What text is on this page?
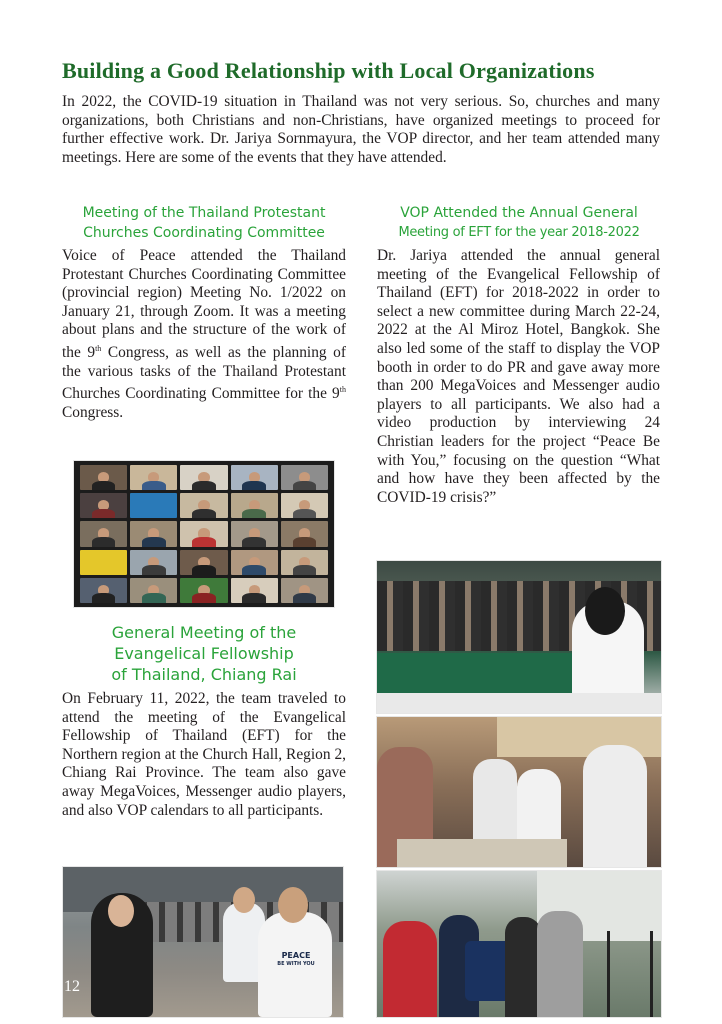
Building a Good Relationship with Local Organizations
In 2022, the COVID-19 situation in Thailand was not very serious. So, churches and many organizations, both Christians and non-Christians, have organized meetings to proceed for further effective work. Dr. Jariya Sornmayura, the VOP director, and her team attended many meetings. Here are some of the events that they have attended.
Meeting of the Thailand Protestant
Churches Coordinating Committee
Voice of Peace attended the Thailand Protestant Churches Coordinating Committee (provincial region) Meeting No. 1/2022 on January 21, through Zoom. It was a meeting about plans and the structure of the work of the 9th Congress, as well as the planning of the various tasks of the Thailand Protestant Churches Coordinating Committee for the 9th Congress.
General Meeting of the
Evangelical Fellowship
of Thailand, Chiang Rai
On February 11, 2022, the team traveled to attend the meeting of the Evangelical Fellowship of Thailand (EFT) for the Northern region at the Church Hall, Region 2, Chiang Rai Province. The team also gave away MegaVoices, Messenger audio players, and also VOP calendars to all participants.
PEACE
BE WITH YOU
12
VOP Attended the Annual General
Meeting of EFT for the year 2018-2022
Dr. Jariya attended the annual general meeting of the Evangelical Fellowship of Thailand (EFT) for 2018-2022 in order to select a new committee during March 22-24, 2022 at the Al Miroz Hotel, Bangkok. She also led some of the staff to display the VOP booth in order to do PR and gave away more than 200 MegaVoices and Messenger audio players to all participants. We also had a video production by interviewing 24 Christian leaders for the project “Peace Be with You,” focusing on the question “What and how have they been affected by the COVID-19 crisis?”
